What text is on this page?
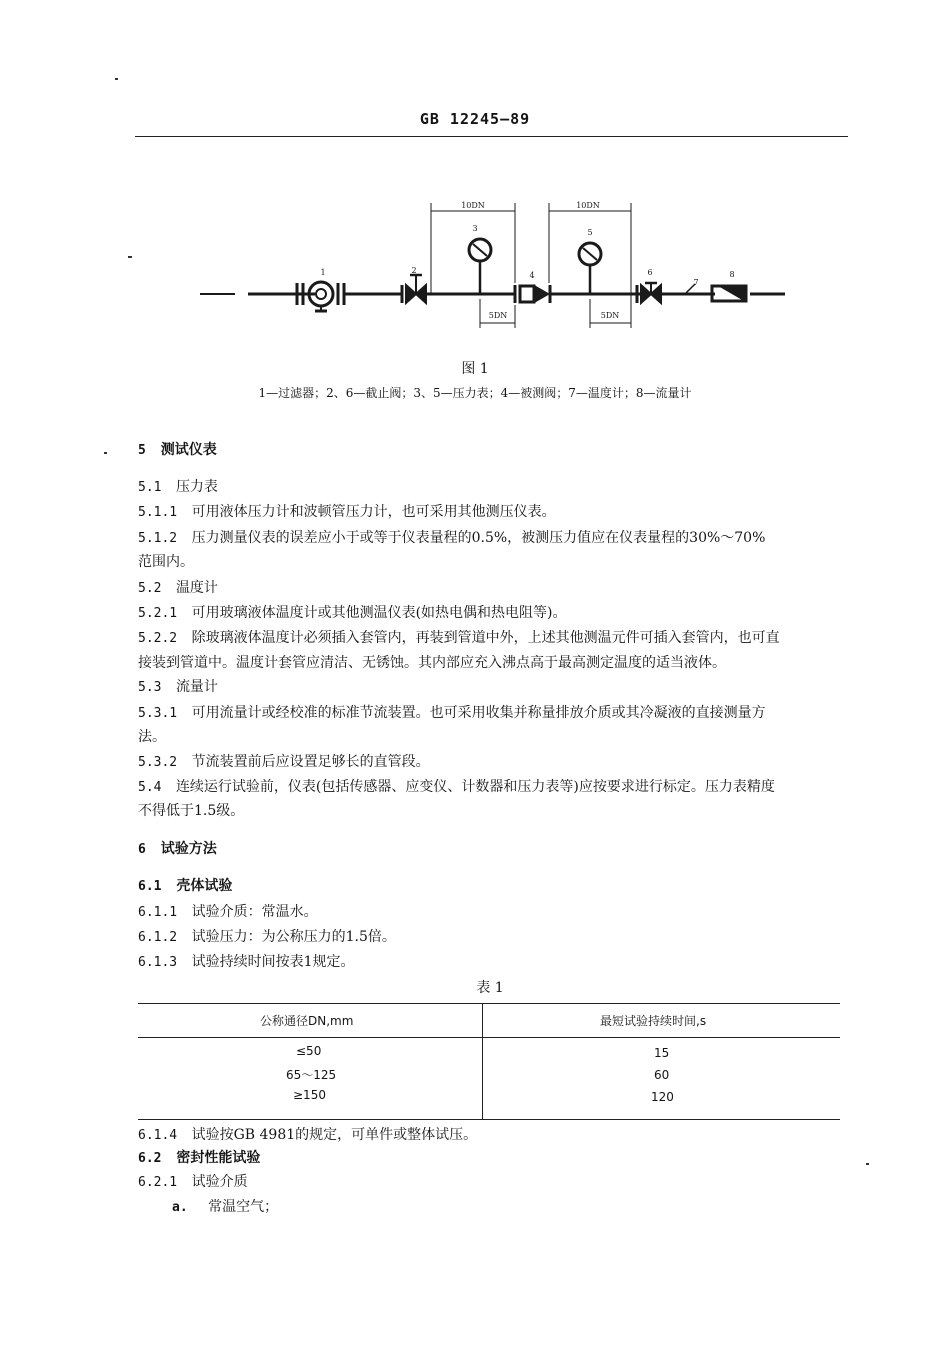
GB 12245—89
1	2
3
4
5
6
7
8
10DN	10DN
5DN	5DN
图 1
1—过滤器；2、6—截止阀；3、5—压力表；4—被测阀；7—温度计；8—流量计
5 测试仪表
5.1 压力表
5.1.1 可用液体压力计和波顿管压力计，也可采用其他测压仪表。
5.1.2 压力测量仪表的误差应小于或等于仪表量程的0.5%，被测压力值应在仪表量程的30%～70%
范围内。
5.2 温度计
5.2.1 可用玻璃液体温度计或其他测温仪表(如热电偶和热电阻等)。
5.2.2 除玻璃液体温度计必须插入套管内，再装到管道中外，上述其他测温元件可插入套管内，也可直
接装到管道中。温度计套管应清洁、无锈蚀。其内部应充入沸点高于最高测定温度的适当液体。
5.3 流量计
5.3.1 可用流量计或经校准的标准节流装置。也可采用收集并称量排放介质或其冷凝液的直接测量方
法。
5.3.2 节流装置前后应设置足够长的直管段。
5.4 连续运行试验前，仪表(包括传感器、应变仪、计数器和压力表等)应按要求进行标定。压力表精度
不得低于1.5级。
6 试验方法
6.1 壳体试验
6.1.1 试验介质：常温水。
6.1.2 试验压力：为公称压力的1.5倍。
6.1.3 试验持续时间按表1规定。
表 1
公称通径DN,mm	最短试验持续时间,s
≤50	15
65～125	60
≥150	120
6.1.4 试验按GB 4981的规定，可单件或整体试压。
6.2 密封性能试验
6.2.1 试验介质
a. 常温空气；
